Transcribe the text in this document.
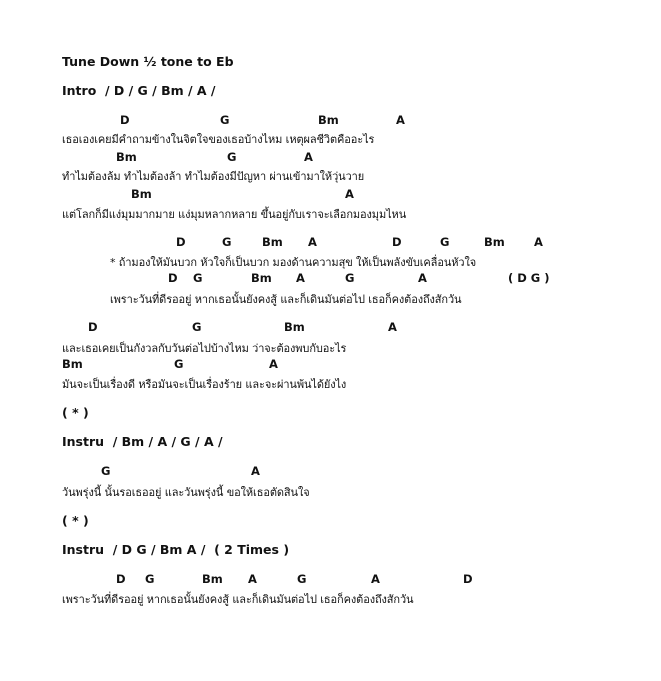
Tune Down ½ tone to Eb
Intro  / D / G / Bm / A /
D	G	Bm	A
เธอเองเคยมีคำถามข้างในจิตใจของเธอบ้างไหม เหตุผลชีวิตคืออะไร
Bm	G	A
ทำไมต้องล้ม ทำไมต้องล้า ทำไมต้องมีปัญหา ผ่านเข้ามาให้วุ่นวาย
Bm	A
แต่โลกก็มีแง่มุมมากมาย แง่มุมหลากหลาย ขึ้นอยู่กับเราจะเลือกมองมุมไหน
D	G	Bm A	D	G	Bm	A
* ถ้ามองให้มันบวก หัวใจก็เป็นบวก มองด้านความสุข ให้เป็นพลังขับเคลื่อนหัวใจ
D G	Bm A	G	A	( D G )
เพราะวันที่ดีรออยู่ หากเธอนั้นยังคงสู้ และก็เดินมันต่อไป เธอก็คงต้องถึงสักวัน
D	G	Bm	A
และเธอเคยเป็นกังวลกับวันต่อไปบ้างไหม ว่าจะต้องพบกับอะไร
Bm	G	A
มันจะเป็นเรื่องดี หรือมันจะเป็นเรื่องร้าย และจะผ่านพ้นได้ยังไง
( * )
Instru  / Bm / A / G / A /
G	A
วันพรุ่งนี้ นั้นรอเธออยู่ และวันพรุ่งนี้ ขอให้เธอตัดสินใจ
( * )
Instru  / D G / Bm A /  ( 2 Times )
D G	Bm A	G	A	D
เพราะวันที่ดีรออยู่ หากเธอนั้นยังคงสู้ และก็เดินมันต่อไป เธอก็คงต้องถึงสักวัน
